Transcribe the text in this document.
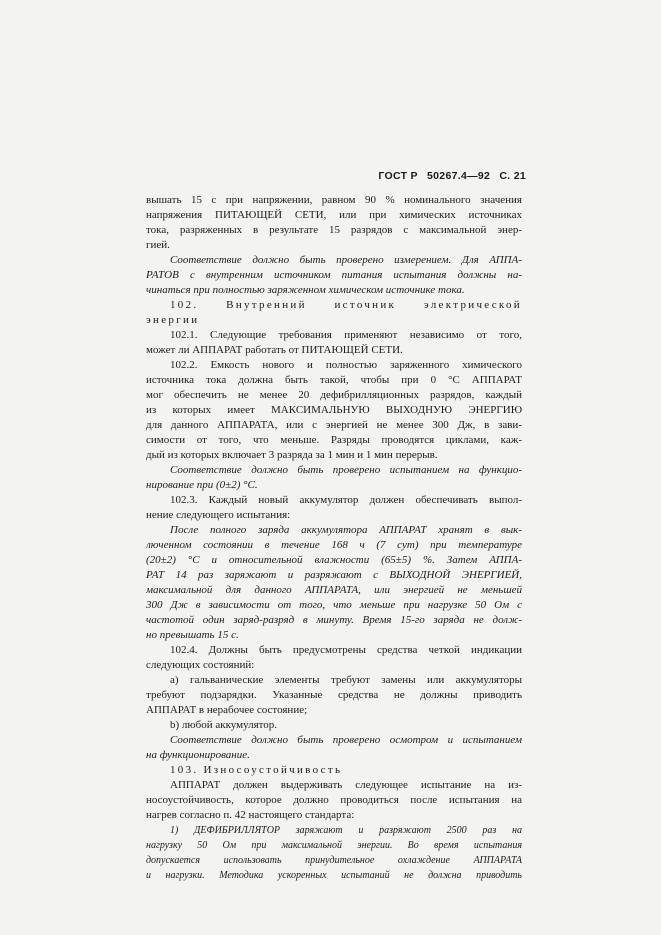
ГОСТ Р 50267.4—92 С. 21
вышать 15 с при напряжении, равном 90 % номинального значения
напряжения ПИТАЮЩЕЙ СЕТИ, или при химических источниках
тока, разряженных в результате 15 разрядов с максимальной энер-
гией.
Соответствие должно быть проверено измерением. Для АППА-
РАТОВ с внутренним источником питания испытания должны на-
чинаться при полностью заряженном химическом источнике тока.
102. Внутренний источник электрической
энергии
102.1. Следующие требования применяют независимо от того,
может ли АППАРАТ работать от ПИТАЮЩЕЙ СЕТИ.
102.2. Емкость нового и полностью заряженного химического
источника тока должна быть такой, чтобы при 0 °С АППАРАТ
мог обеспечить не менее 20 дефибрилляционных разрядов, каждый
из которых имеет МАКСИМАЛЬНУЮ ВЫХОДНУЮ ЭНЕРГИЮ
для данного АППАРАТА, или с энергией не менее 300 Дж, в зави-
симости от того, что меньше. Разряды проводятся циклами, каж-
дый из которых включает 3 разряда за 1 мин и 1 мин перерыв.
Соответствие должно быть проверено испытанием на функцио-
нирование при (0±2) °С.
102.3. Каждый новый аккумулятор должен обеспечивать выпол-
нение следующего испытания:
После полного заряда аккумулятора АППАРАТ хранят в вык-
люченном состоянии в течение 168 ч (7 сут) при температуре
(20±2) °С и относительной влажности (65±5) %. Затем АППА-
РАТ 14 раз заряжают и разряжают с ВЫХОДНОЙ ЭНЕРГИЕЙ,
максимальной для данного АППАРАТА, или энергией не меньшей
300 Дж в зависимости от того, что меньше при нагрузке 50 Ом с
частотой один заряд-разряд в минуту. Время 15-го заряда не долж-
но превышать 15 с.
102.4. Должны быть предусмотрены средства четкой индикации
следующих состояний:
a) гальванические элементы требуют замены или аккумуляторы
требуют подзарядки. Указанные средства не должны приводить
АППАРАТ в нерабочее состояние;
b) любой аккумулятор.
Соответствие должно быть проверено осмотром и испытанием
на функционирование.
103. Износоустойчивость
АППАРАТ должен выдерживать следующее испытание на из-
носоустойчивость, которое должно проводиться после испытания на
нагрев согласно п. 42 настоящего стандарта:
1) ДЕФИБРИЛЛЯТОР заряжают и разряжают 2500 раз на
нагрузку 50 Ом при максимальной энергии. Во время испытания
допускается использовать принудительное охлаждение АППАРАТА
и нагрузки. Методика ускоренных испытаний не должна приводить
